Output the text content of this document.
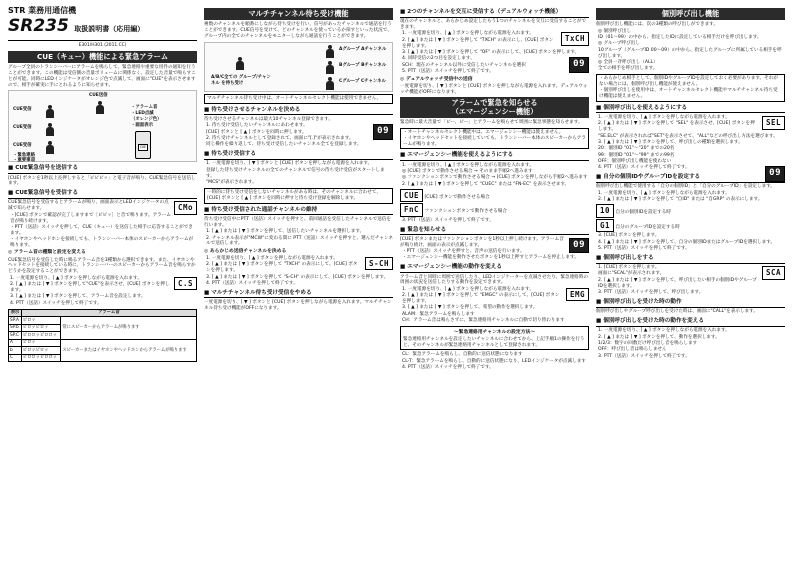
STR 業務用通信機
SR235 取扱説明書（応用編）
E301/H301 (2011.CC)
CUE（キュー）機能による緊急アラーム
グループ全員のトランシーバーにアラームを鳴らして、緊急連絡や重要な用件の通知を行うことができます。この機能は受信側の音量ボリュームに関係なく、設定した音量で鳴らすことが可能。同時にLEDインジケータがオレンジ色で点滅して、画面に"CUE"を表示させますので、相手が確実に手にとれるように知らせます。
CUE送信
CUE受信
CUE受信
CUE受信
・緊急連絡
・重要事項
・アラーム音
・LED点滅
（オレンジ色）
・画面表示
CUE
■ CUE緊急信号を送信する
[CUE] ボタンを1秒以上長押しすると「ピピピッ」と電子音が鳴り、CUE緊急信号を送信します。
■ CUE緊急信号を受信する
CMo
CUE緊急信号を受信するとアラームが鳴り、画面表示とLEDインジケータの点滅で知らせます。
・[CUE] ボタンで確認が完了しますまで［ピピッ］と音で鳴ります。アラーム音が鳴り続けます。
・PTT（送話）スイッチを押して、CUE（キュー）を送信した相手に応答することができます。
・イヤホンやヘッドホンを接続しても、トランシーバー本体のスピーカーからアラームが鳴ります。
◎ アラーム音の種類と設定を変える
CUE緊急信号を受信した時に鳴るアラーム音を3種類から選択できます。また、イヤホンやヘッドセットを接続している時に、トランシーバーのスピーカーからアラーム音を鳴らすかどうかを設定することができます。
C.S
1. 一度電源を切り、[ ▲ ] ボタンを押しながら電源を入れます。
2. [ ▲ ] または [ ▼ ] ボタンを押して"CUE"を表示させ、[CUE] ボタンを押します。
3. [ ▲ ] または [ ▼ ] ボタンを押して、アラーム音を設定します。
4. PTT（送話）スイッチを押して終了です。
表示	アラーム音	
SP.A	ピロッ	常にスピーカーからアラームが鳴ります
SP.b	ピロッピロッ	
SP.C	ピロロッピロロッ	
A	ピロッ	スピーカーまたはイヤホンやヘッドホンからアラームが鳴ります
b	ピロッピロッ	
C	ピロロッピロロッ	
マルチチャンネル待ち受け機能
複数のチャンネルを順番にしながら待ち受けを行い、信号があったチャンネルで通話を行うことができます。CUE信号を受けて、どのチャンネルを使っているか探すといった状況で、グループ内の全てのチャンネルをモニターしながら通話を行うことができます。
A/B/C全ての グループ/チャンネル を待ち受け
Aグループ Aチャンネル
Bグループ Bチャンネル
Cグループ Cチャンネル
マルチチャンネル待ち受け中は、オートチャンネルセレクト機能は使用できません。
■ 待ち受けさせるチャンネルを決める
待ち受けさせるチャンネルは最大10チャンネル登録できます。
09
1. 待ち受け受信したいチャンネルにあわせます。
[CUE] ボタンと [ ▲ ] ボタンを同時に押します。
2. 待ち受けチャンネルとして登録されて、画面に"[.]"が表示されます。
同じ操作を繰り返して、待ち受け受信したいチャンネル全てを登録します。
■ 待ち受け受信する
1. 一度電源を切り、[ ▼ ] ボタンと [CUE] ボタンを押しながら電源を入れます。
登録した待ち受けチャンネルの全てのチャンネルで信号の待ち受け受信がスタートします。
"MCS"が表示されます。
一時的に待ち受け受信をしないチャンネルがある時は、そのチャンネルに合わせて、[CUE] ボタンと [ ▲ ] ボタンを同時に押すと待ち受け登録を解除します。
■ 待ち受け受信された通話チャンネルの維持
待ち受け受信中にPTT（送話）スイッチを押すと、前回通話を受信したチャンネルで送信を行います。
1. [ ▲ ] または [ ▼ ] ボタンを押して、送信したいチャンネルを選択します。
2. チャンネル表示が"MCW"に変わる間に PTT（送話）スイッチを押すと、選んだチャンネルで送信します。
◎ あらかじめ送信チャンネルを決める
S-CH
1. 一度電源を切り、[ ▲ ] ボタンを押しながら電源を入れます。
2. [ ▲ ] または [ ▼ ] ボタンを押して "TXCH" の表示にして、[CUE] ボタンを押します。
3. [ ▲ ] または [ ▼ ] ボタンを押して "S-CH" の表示にして、[CUE] ボタンを押します。
4. PTT（送話）スイッチを押して終了です。
■ マルチチャンネル待ち受け受信をやめる
一度電源を切り、[ ▼ ] ボタンと [CUE] ボタンを押しながら電源を入れます。マルチチャンネル待ち受け機能がOFFになります。
■ 2つのチャンネルを交互に受信する（デュアルウォッチ機能）
現在のチャンネルと、あらかじめ設定したもう1つのチャンネルを交互に受信することができます。
TxCH
1. 一度電源を切り、[ ▲ ] ボタンを押しながら電源を入れます。
2. [ ▲ ] または [ ▼ ] ボタンを押して "TXCH" の表示にし、[CUE] ボタンを押します。
3. [ ▲ ] または [ ▼ ] ボタンを押して "OF" の表示にして、[CUE] ボタンを押します。
09
4. 同時受信の2つ目を設定します。
SCH：現在のチャンネル以外に受信したいチャンネルを選択
5. PTT（送話）スイッチを押して終了です。
◎ デュアルウォッチ受信中の送信
一度電源を切り、[ ▼ ] ボタンと [CUE] ボタンを押しながら電源を入れます。デュアルウォッチ機能がOFFになります。
アラームで緊急を知らせる
（エマージェンシー機能）
緊急時に最大音量で「ピー、ピー」とアラームを鳴らせて周囲に緊急事態を知らせます。
・オートチャンネルセレクト機能中は、エマージェンシー機能は使えません。
・イヤホンやヘッドセットを接続していても、トランシーバー本体のスピーカーからアラームが鳴ります。
■ エマージェンシー機能を使えるようにする
1. 一度電源を切り、[ ▲ ] ボタンを押しながら電源を入れます。
◎ [CUE] ボタンで動作させる場合 → そのまま手順2へ進みます
◎ ファンクションボタンで動作させる場合 → [CUE] ボタンを押しながら手順2へ進みます
2. [ ▲ ] または [ ▼ ] ボタンを押して "CUEC" または "FN-EC" を表示させます。
CUE [CUE] ボタンで動作させる場合
FnC ファンクションボタンで動作させる場合
3. PTT（送話）スイッチを押して終了です。
■ 緊急を知らせる
09
[CUE] ボタンまたはファンクションボタンを1秒以上押し続けます。アラーム音が鳴り続け、画面の表示が点滅します。
・PTT（送話）スイッチを押すと、音声の送信を行います。
・エマージェンシー機能を動作させたボタンを1秒以上押すとアラームを停止します。
■ エマージェンシー機能の動作を変える
アラーム音と同時に周囲で送信したり、LEDインジケーターを点滅させたり、緊急連絡時の周囲の状況を送信したりする動作を設定できます。
EMG
1. 一度電源を切り、[ ▲ ] ボタンを押しながら電源を入れます。
2. [ ▲ ] または [ ▼ ] ボタンを押して "EMGC" の表示にして、[CUE] ボタンを押します。
3. [ ▲ ] または [ ▼ ] ボタンを押して、希望の動作を選択します。
ALAM：緊急アラームを鳴らします
CH：アラーム音は鳴らさずに、緊急連絡用チャンネルに自動で切り替わります
〜緊急連絡用チャンネルの設定方法〜
緊急連絡用チャンネルを設定したいチャンネルに合わせてから、上記手順1の操作を行うと、そのチャンネルが緊急連絡用チャンネルとして登録されます。
CL：緊急アラームを鳴らし、自動的に送信状態になります
CL-T：緊急アラームを鳴らし、自動的に送信状態になり、LEDインジケータが点滅します
4. PTT（送話）スイッチを押して終了です。
個別呼び出し機能
個別呼び出し機能には、次の3種類の呼び出しができます。
◎ 個別呼び出し
ID（01〜99）の中から、指定したIDに設定している相手だけを呼び出します。
◎ グループ呼び出し
10グループ（グループID 00〜09）の中から、指定したグループに所属している相手を呼び出します。
◎ 全員一斉呼び出し（ALL）
全ての相手を呼び出します。
・あらかじめ相手として、個別IDやグループIDを設定しておく必要があります。それがない場合には、個別呼び出し機能が使えません。
・個別呼び出しを使用中は、オートチャンネルセレクト機能やマルチチャンネル待ち受け機能は使えません。
■ 個別呼び出しを使えるようにする
SEL
1. 一度電源を切り、[ ▲ ] ボタンを押しながら電源を入れます。
2. [ ▲ ] または [ ▼ ] ボタンを押して "SEL" を表示させ、[CUE] ボタンを押します。
"SE.ELC" が表示されれば"SET"を表示させて、"ALL"などの呼び出し方法を選びます。
3. [ ▲ ] または [ ▼ ] ボタンを押して、呼び出しの種類を選択します。
20：個別ID "01"〜"20" までの20名
99：個別ID "01"〜"99" までの99名
OFF：個別呼び出し機能を使わない
09
4. PTT（送話）スイッチを押して終了です。
■ 自分の個別IDやグループIDを設定する
個別呼び出し機能で使用する「自分の個別ID」と「自分のグループID」を設定します。
1. 一度電源を切り、[ ▲ ] ボタンを押しながら電源を入れます。
2. [ ▲ ] または [ ▼ ] ボタンを押して "自ID" または "自GRP" の表示にします。
10 自分の個別IDを設定する時
G1 自分のグループIDを設定する時
3. [CUE] ボタンを押します。
4. [ ▲ ] または [ ▼ ] ボタンを押して、自分の個別IDまたはグループIDを選択します。
5. PTT（送話）スイッチを押して終了です。
■ 個別呼び出しをする
SCA
1. [CUE] ボタンを押します。
画面に"SCAL"が表示されます。
2. [ ▲ ] または [ ▼ ] ボタンを押して、呼び出したい相手の個別IDやグループIDを選択します。
3. PTT（送話）スイッチを押して、呼び出します。
■ 個別呼び出しを受けた時の動作
個別呼び出しやグループ呼び出しを受けた時は、画面に"CALL"を表示します。
■ 個別呼び出しを受けた時の動作を変える
1. 一度電源を切り、[ ▲ ] ボタンを押しながら電源を入れます。
2. [ ▲ ] または [ ▼ ] ボタンを押して、動作を選択します。
1/2/3：数字の回数だけ呼び出し音を鳴らします
OFF：呼び出し音は鳴らしません
3. PTT（送話）スイッチを押して終了です。
